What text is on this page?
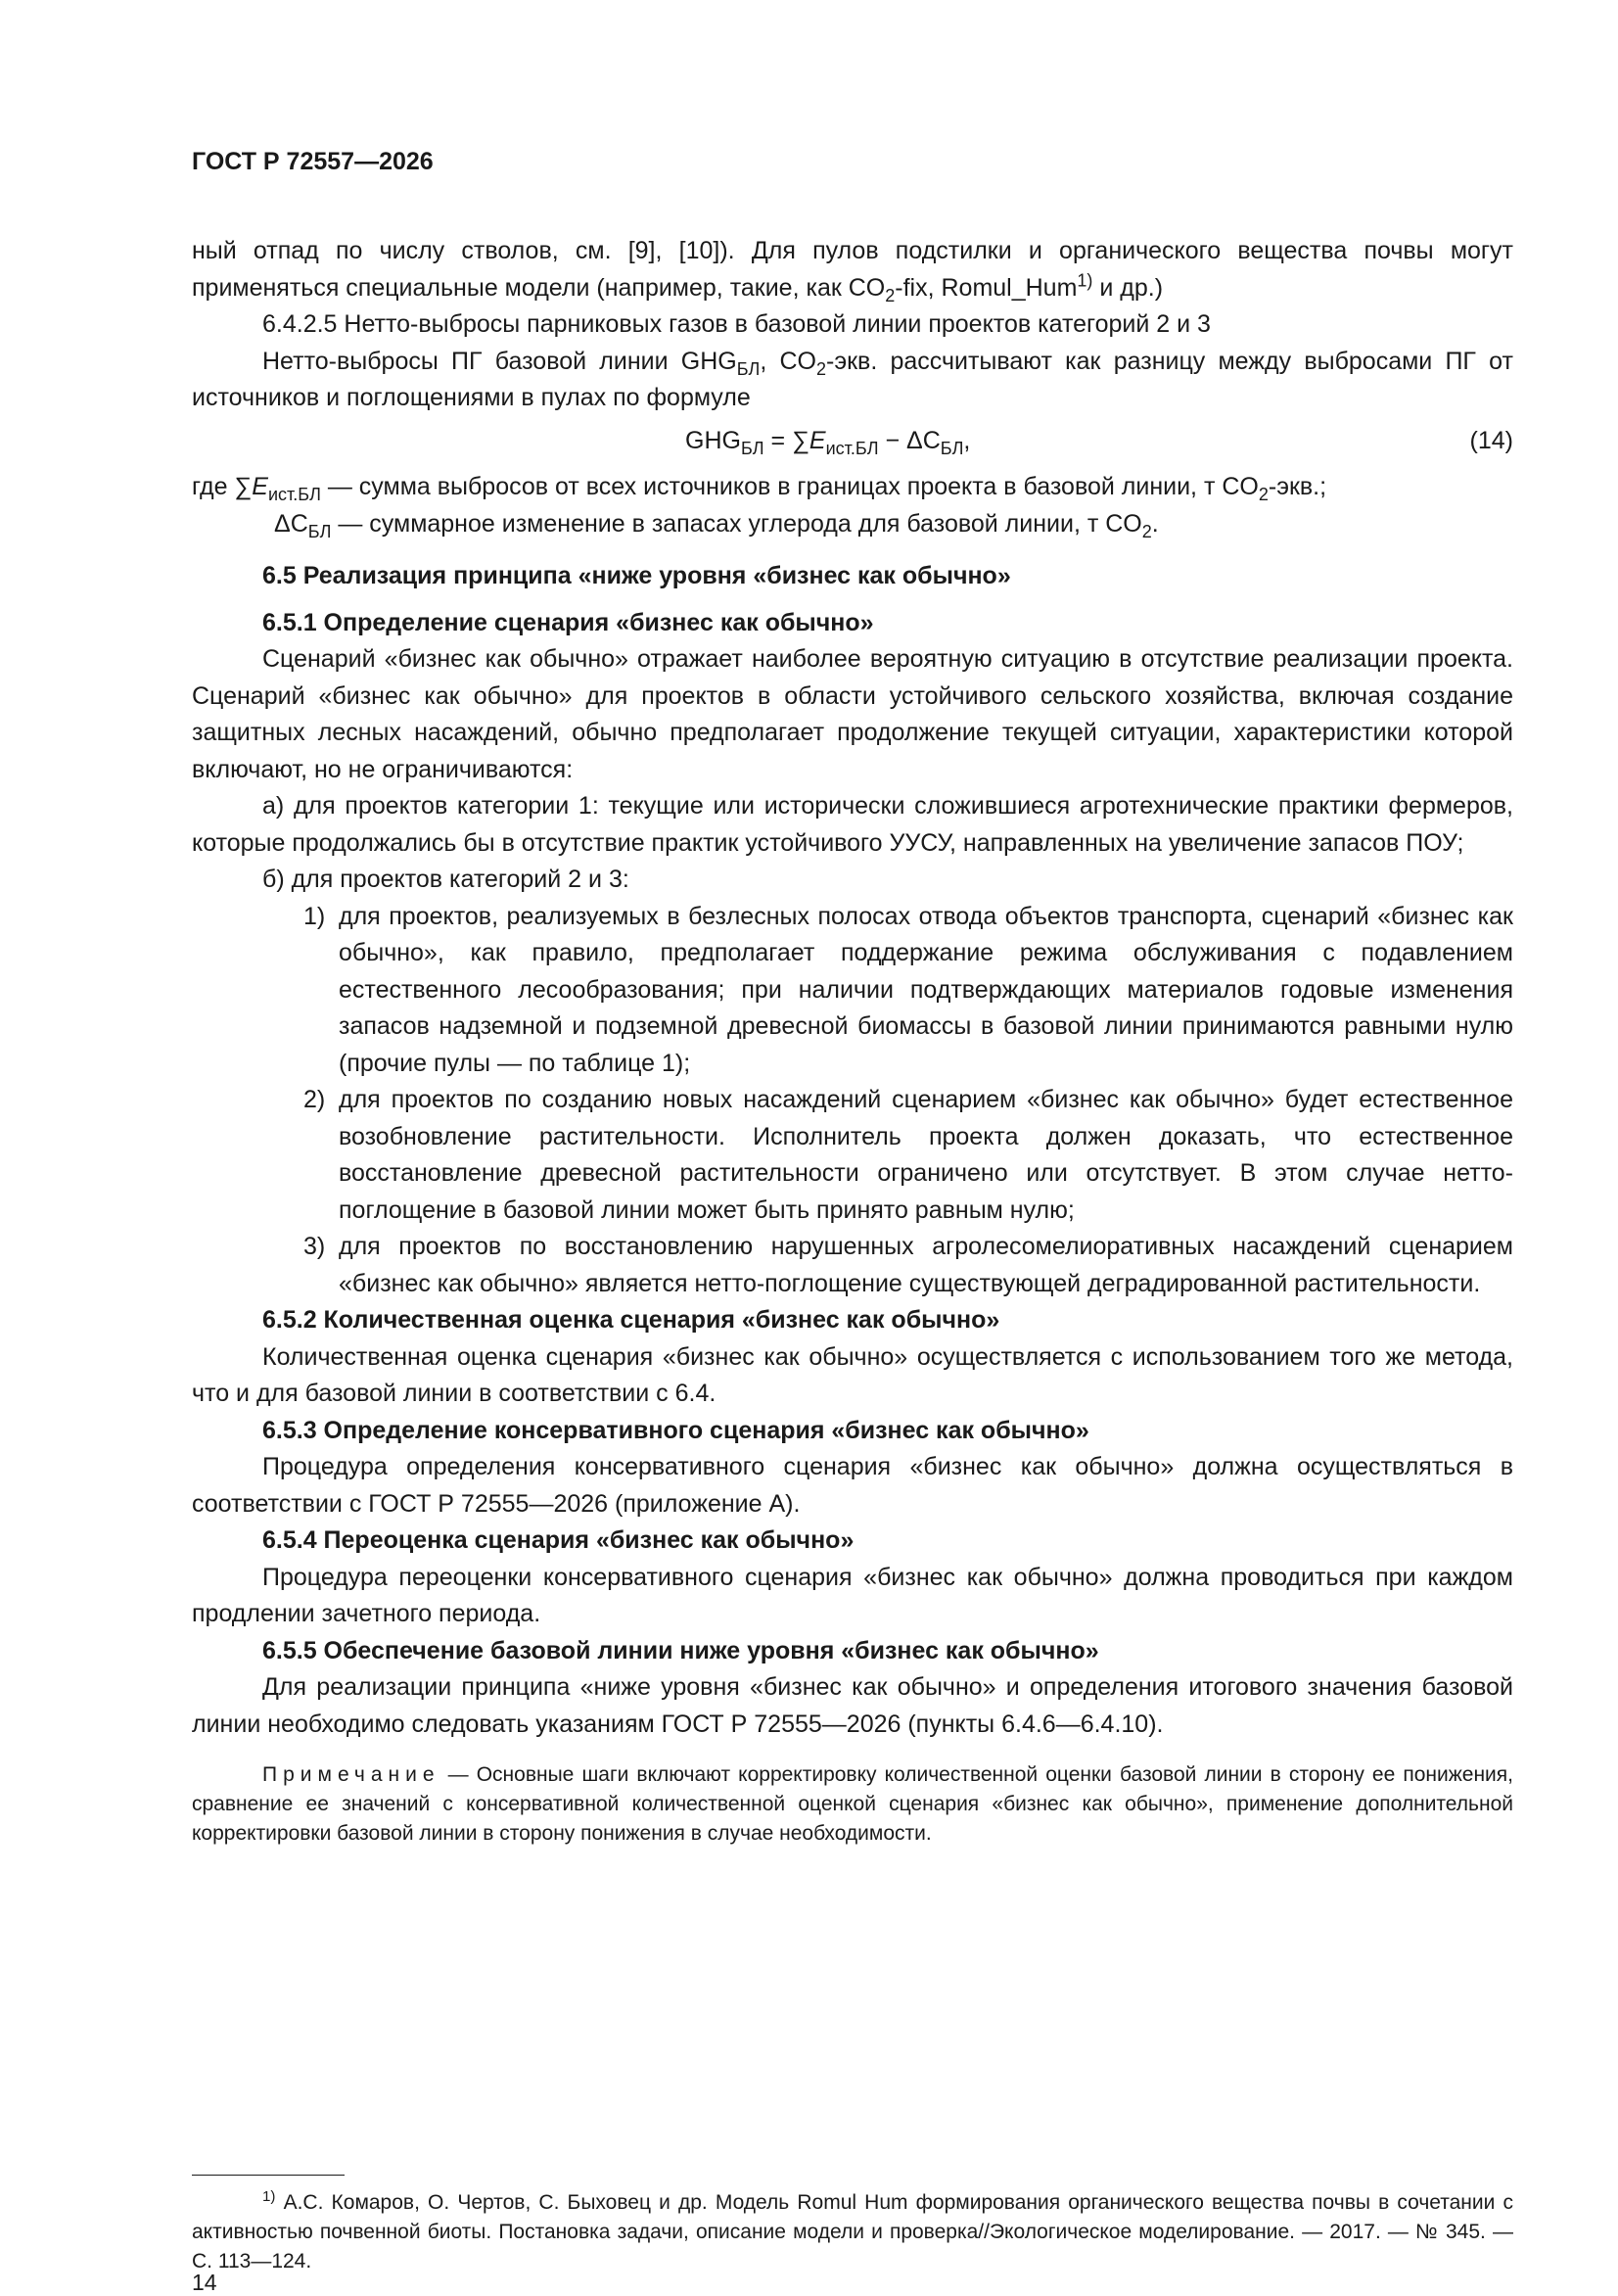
ГОСТ Р 72557—2026

ный отпад по числу стволов, см. [9], [10]). Для пулов подстилки и органического вещества почвы могут применяться специальные модели (например, такие, как $CO_2$-fix, Romul_Hum$^{1)}$ и др.)

6.4.2.5 Нетто-выбросы парниковых газов в базовой линии проектов категорий 2 и 3

Нетто-выбросы ПГ базовой линии $GHG_{БЛ}$, $CO_2$-экв. рассчитывают как разницу между выбросами ПГ от источников и поглощениями в пулах по формуле

$GHG_{БЛ} = \sum E_{ист.БЛ} - \Delta C_{БЛ}$,	(14)

где $\sum E_{ист.БЛ}$ — сумма выбросов от всех источников в границах проекта в базовой линии, т $CO_2$-экв.;

$\Delta C_{БЛ}$ — суммарное изменение в запасах углерода для базовой линии, т $CO_2$.

6.5 Реализация принципа «ниже уровня «бизнес как обычно»

6.5.1 Определение сценария «бизнес как обычно»

Сценарий «бизнес как обычно» отражает наиболее вероятную ситуацию в отсутствие реализации проекта. Сценарий «бизнес как обычно» для проектов в области устойчивого сельского хозяйства, включая создание защитных лесных насаждений, обычно предполагает продолжение текущей ситуации, характеристики которой включают, но не ограничиваются:

а) для проектов категории 1: текущие или исторически сложившиеся агротехнические практики фермеров, которые продолжались бы в отсутствие практик устойчивого УУСУ, направленных на увеличение запасов ПОУ;

б) для проектов категорий 2 и 3:

1) для проектов, реализуемых в безлесных полосах отвода объектов транспорта, сценарий «бизнес как обычно», как правило, предполагает поддержание режима обслуживания с подавлением естественного лесообразования; при наличии подтверждающих материалов годовые изменения запасов надземной и подземной древесной биомассы в базовой линии принимаются равными нулю (прочие пулы — по таблице 1);

2) для проектов по созданию новых насаждений сценарием «бизнес как обычно» будет естественное возобновление растительности. Исполнитель проекта должен доказать, что естественное восстановление древесной растительности ограничено или отсутствует. В этом случае нетто-поглощение в базовой линии может быть принято равным нулю;

3) для проектов по восстановлению нарушенных агролесомелиоративных насаждений сценарием «бизнес как обычно» является нетто-поглощение существующей деградированной растительности.

6.5.2 Количественная оценка сценария «бизнес как обычно»

Количественная оценка сценария «бизнес как обычно» осуществляется с использованием того же метода, что и для базовой линии в соответствии с 6.4.

6.5.3 Определение консервативного сценария «бизнес как обычно»

Процедура определения консервативного сценария «бизнес как обычно» должна осуществляться в соответствии с ГОСТ Р 72555—2026 (приложение А).

6.5.4 Переоценка сценария «бизнес как обычно»

Процедура переоценки консервативного сценария «бизнес как обычно» должна проводиться при каждом продлении зачетного периода.

6.5.5 Обеспечение базовой линии ниже уровня «бизнес как обычно»

Для реализации принципа «ниже уровня «бизнес как обычно» и определения итогового значения базовой линии необходимо следовать указаниям ГОСТ Р 72555—2026 (пункты 6.4.6—6.4.10).

Примечание — Основные шаги включают корректировку количественной оценки базовой линии в сторону ее понижения, сравнение ее значений с консервативной количественной оценкой сценария «бизнес как обычно», применение дополнительной корректировки базовой линии в сторону понижения в случае необходимости.

$^{1)}$ А.С. Комаров, О. Чертов, С. Быховец и др. Модель Romul Hum формирования органического вещества почвы в сочетании с активностью почвенной биоты. Постановка задачи, описание модели и проверка//Экологическое моделирование. — 2017. — № 345. — С. 113—124.

14
